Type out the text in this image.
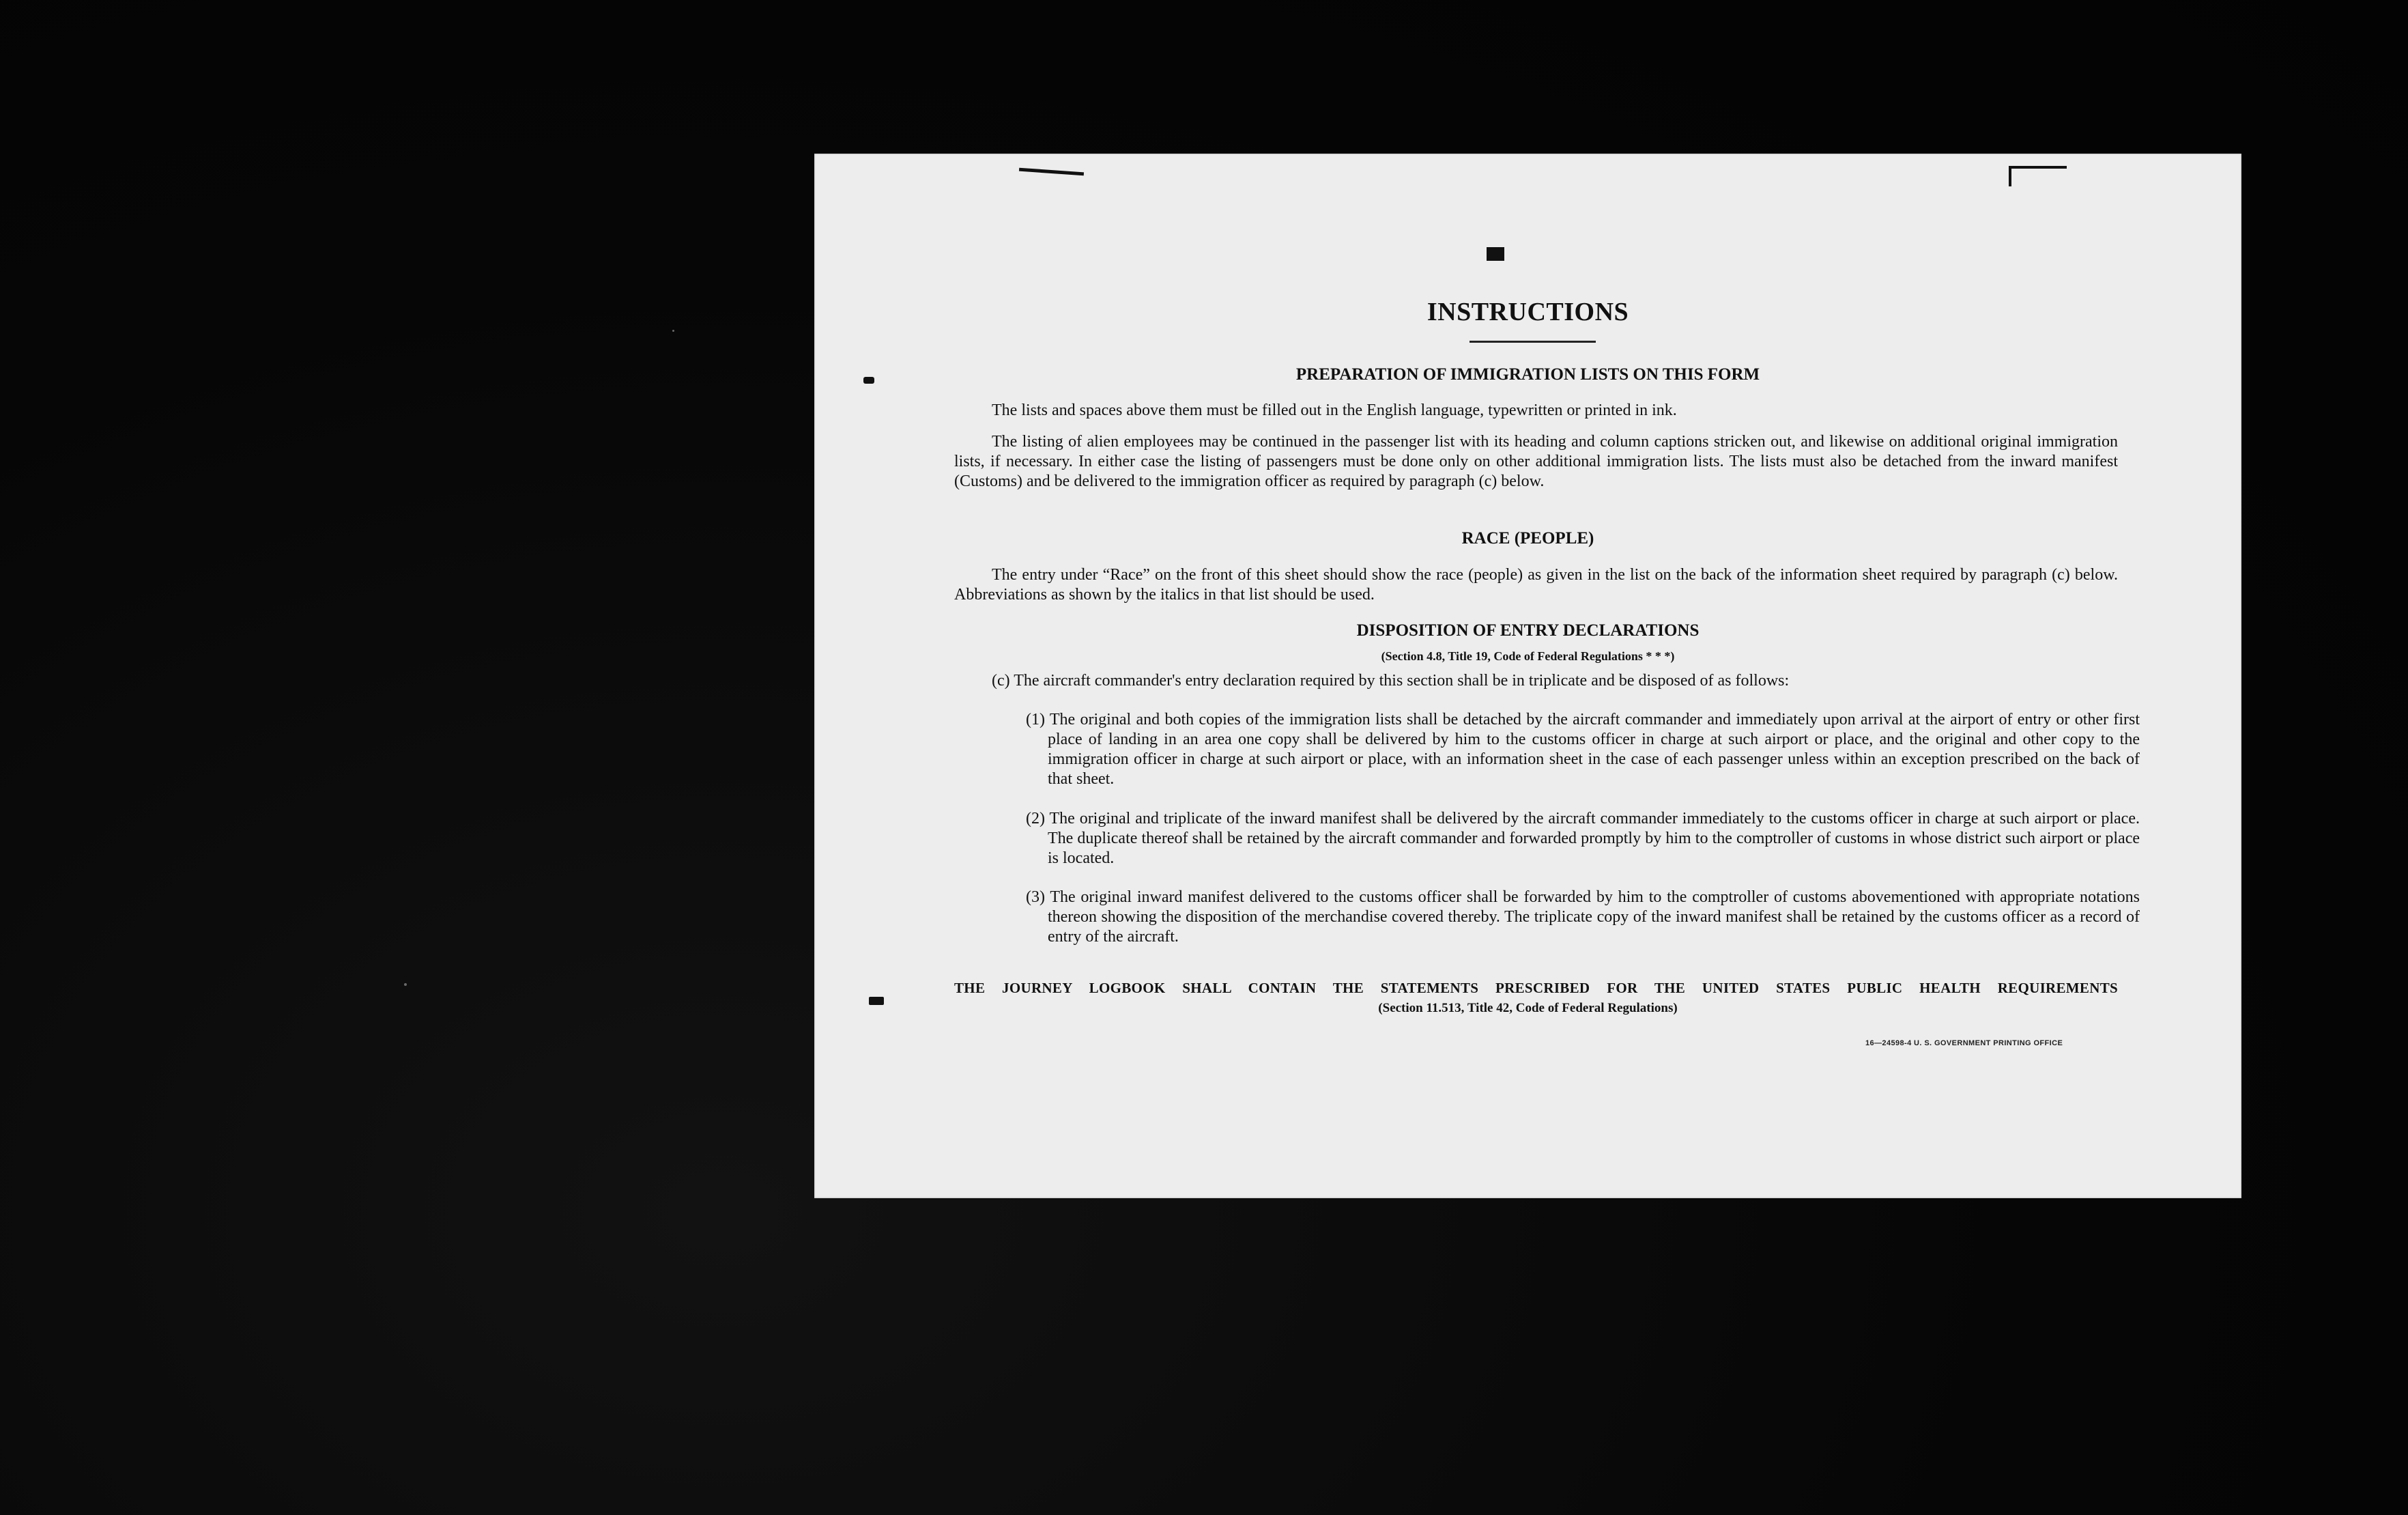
INSTRUCTIONS
PREPARATION OF IMMIGRATION LISTS ON THIS FORM

The lists and spaces above them must be filled out in the English language, typewritten or printed in ink.

The listing of alien employees may be continued in the passenger list with its heading and column captions stricken out, and likewise on additional original immigration lists, if necessary. In either case the listing of passengers must be done only on other additional immigration lists. The lists must also be detached from the inward manifest (Customs) and be delivered to the immigration officer as required by paragraph (c) below.

RACE (PEOPLE)

The entry under “Race” on the front of this sheet should show the race (people) as given in the list on the back of the information sheet required by paragraph (c) below. Abbreviations as shown by the italics in that list should be used.

DISPOSITION OF ENTRY DECLARATIONS

(Section 4.8, Title 19, Code of Federal Regulations * * *)

(c) The aircraft commander's entry declaration required by this section shall be in triplicate and be disposed of as follows:

(1) The original and both copies of the immigration lists shall be detached by the aircraft commander and immediately upon arrival at the airport of entry or other first place of landing in an area one copy shall be delivered by him to the customs officer in charge at such airport or place, and the original and other copy to the immigration officer in charge at such airport or place, with an information sheet in the case of each passenger unless within an exception prescribed on the back of that sheet.
(2) The original and triplicate of the inward manifest shall be delivered by the aircraft commander immediately to the customs officer in charge at such airport or place. The duplicate thereof shall be retained by the aircraft commander and forwarded promptly by him to the comptroller of customs in whose district such airport or place is located.
(3) The original inward manifest delivered to the customs officer shall be forwarded by him to the comptroller of customs abovementioned with appropriate notations thereon showing the disposition of the merchandise covered thereby. The triplicate copy of the inward manifest shall be retained by the customs officer as a record of entry of the aircraft.

THE JOURNEY LOGBOOK SHALL CONTAIN THE STATEMENTS PRESCRIBED FOR THE UNITED STATES PUBLIC HEALTH REQUIREMENTS

(Section 11.513, Title 42, Code of Federal Regulations)

16—24598-4 U. S. GOVERNMENT PRINTING OFFICE
